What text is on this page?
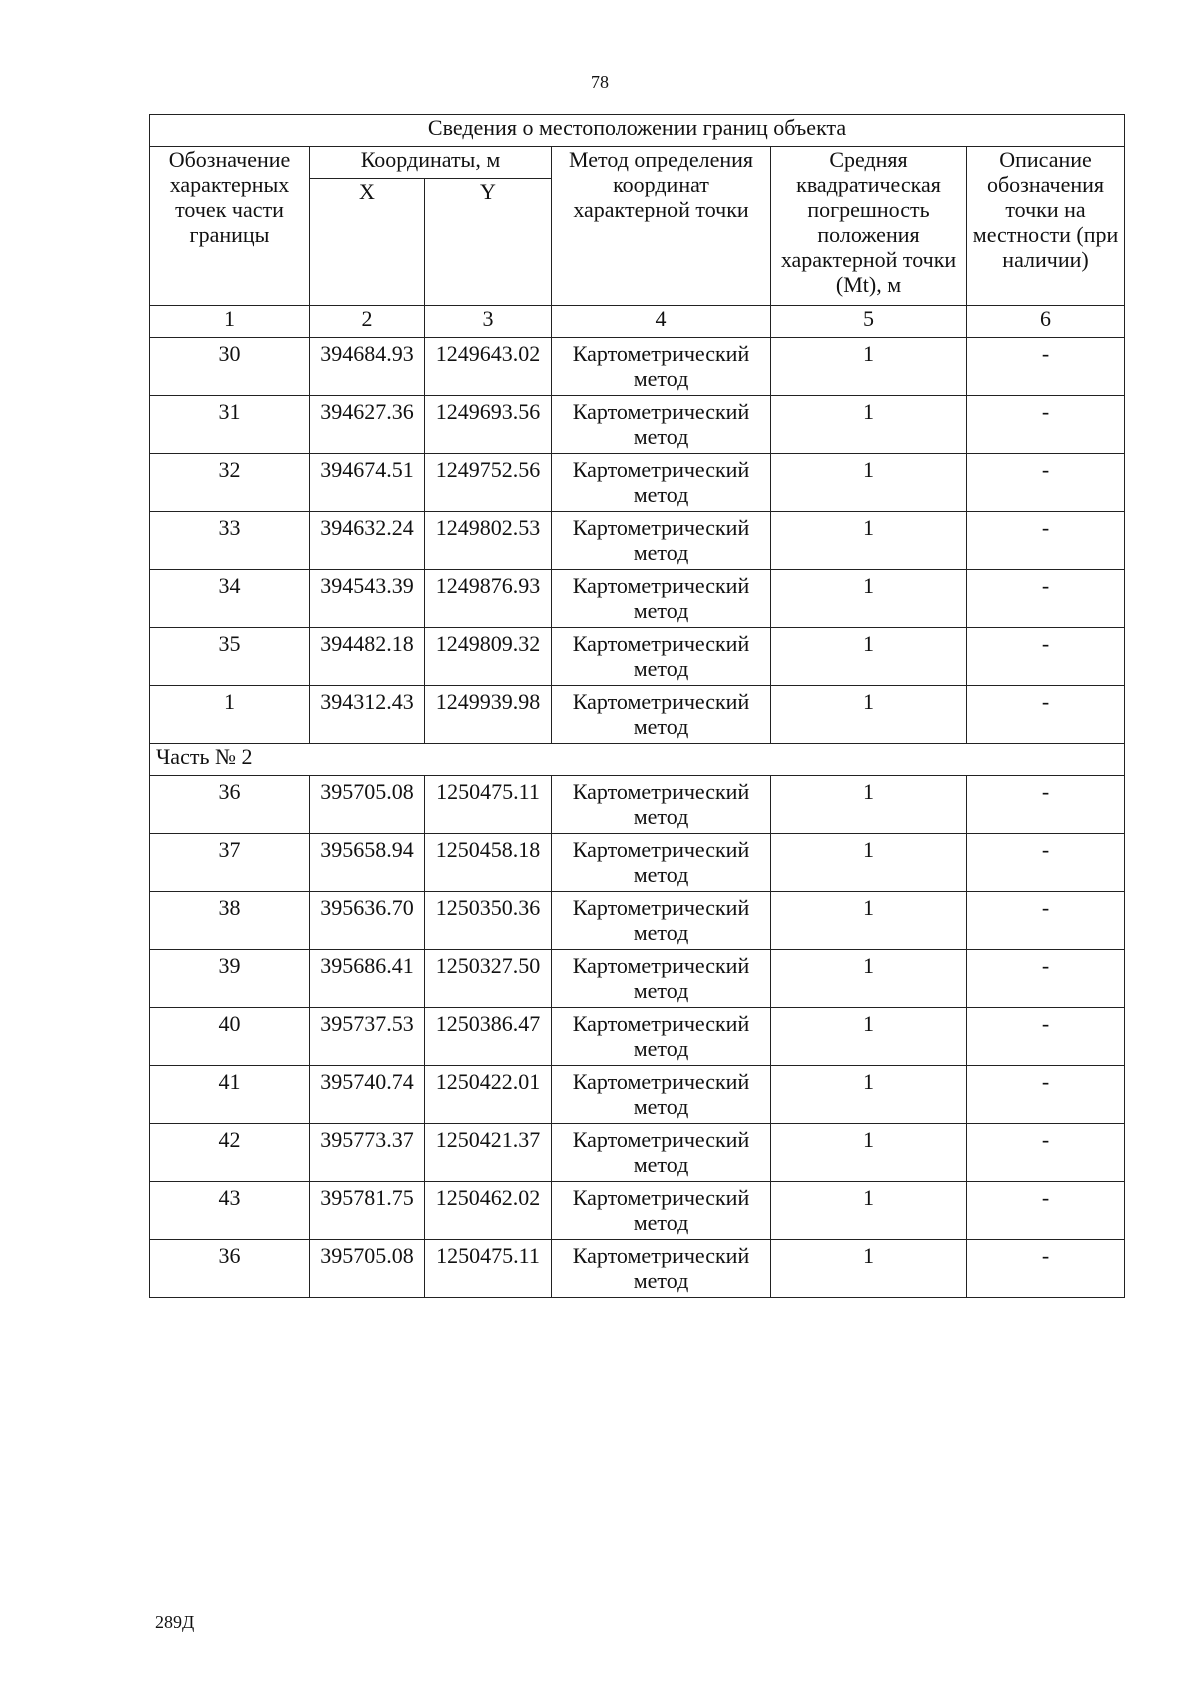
78
Сведения о местоположении границ объекта					
Обозначение характерных точек части границы	Координаты, м		Метод определения координат характерной точки	Средняя квадратическая погрешность положения характерной точки (Mt), м	Описание обозначения точки на местности (при наличии)
	X	Y			
1	2	3	4	5	6
30	394684.93	1249643.02	Картометрический метод	1	-
31	394627.36	1249693.56	Картометрический метод	1	-
32	394674.51	1249752.56	Картометрический метод	1	-
33	394632.24	1249802.53	Картометрический метод	1	-
34	394543.39	1249876.93	Картометрический метод	1	-
35	394482.18	1249809.32	Картометрический метод	1	-
1	394312.43	1249939.98	Картометрический метод	1	-
Часть № 2					
36	395705.08	1250475.11	Картометрический метод	1	-
37	395658.94	1250458.18	Картометрический метод	1	-
38	395636.70	1250350.36	Картометрический метод	1	-
39	395686.41	1250327.50	Картометрический метод	1	-
40	395737.53	1250386.47	Картометрический метод	1	-
41	395740.74	1250422.01	Картометрический метод	1	-
42	395773.37	1250421.37	Картометрический метод	1	-
43	395781.75	1250462.02	Картометрический метод	1	-
36	395705.08	1250475.11	Картометрический метод	1	-
289Д
